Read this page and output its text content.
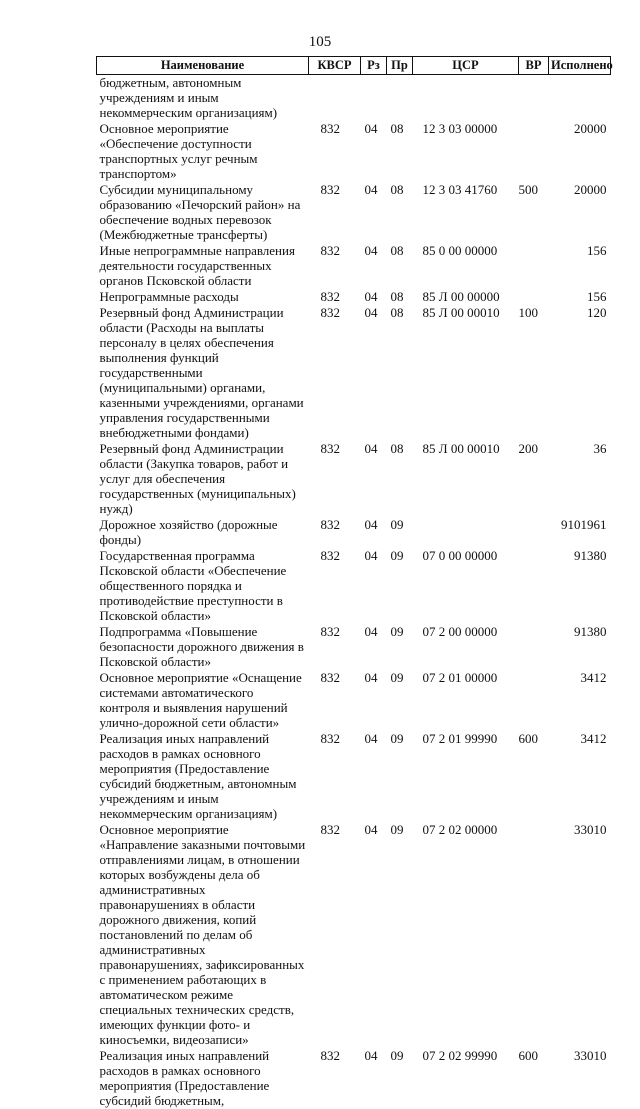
105
Наименование	КВСР	Рз	Пр	ЦСР	ВР	Исполнено
бюджетным, автономным учреждениям и иным некоммерческим организациям)						
Основное мероприятие «Обеспечение доступности транспортных услуг речным транспортом»	832	04	08	12 3 03 00000		20000
Субсидии муниципальному образованию «Печорский район» на обеспечение водных перевозок (Межбюджетные трансферты)	832	04	08	12 3 03 41760	500	20000
Иные непрограммные направления деятельности государственных органов Псковской области	832	04	08	85 0 00 00000		156
Непрограммные расходы	832	04	08	85 Л 00 00000		156
Резервный фонд Администрации области (Расходы на выплаты персоналу в целях обеспечения выполнения функций государственными (муниципальными) органами, казенными учреждениями, органами управления государственными внебюджетными фондами)	832	04	08	85 Л 00 00010	100	120
Резервный фонд Администрации области (Закупка товаров, работ и услуг для обеспечения государственных (муниципальных) нужд)	832	04	08	85 Л 00 00010	200	36
Дорожное хозяйство (дорожные фонды)	832	04	09			9101961
Государственная программа Псковской области «Обеспечение общественного порядка и противодействие преступности в Псковской области»	832	04	09	07 0 00 00000		91380
Подпрограмма «Повышение безопасности дорожного движения в Псковской области»	832	04	09	07 2 00 00000		91380
Основное мероприятие «Оснащение системами автоматического контроля и выявления нарушений улично-дорожной сети области»	832	04	09	07 2 01 00000		3412
Реализация иных направлений расходов в рамках основного мероприятия (Предоставление субсидий бюджетным, автономным учреждениям и иным некоммерческим организациям)	832	04	09	07 2 01 99990	600	3412
Основное мероприятие «Направление заказными почтовыми отправлениями лицам, в отношении которых возбуждены дела об административных правонарушениях в области дорожного движения, копий постановлений по делам об административных правонарушениях, зафиксированных с применением работающих в автоматическом режиме специальных технических средств, имеющих функции фото- и киносъемки, видеозаписи»	832	04	09	07 2 02 00000		33010
Реализация иных направлений расходов в рамках основного мероприятия (Предоставление субсидий бюджетным,	832	04	09	07 2 02 99990	600	33010
